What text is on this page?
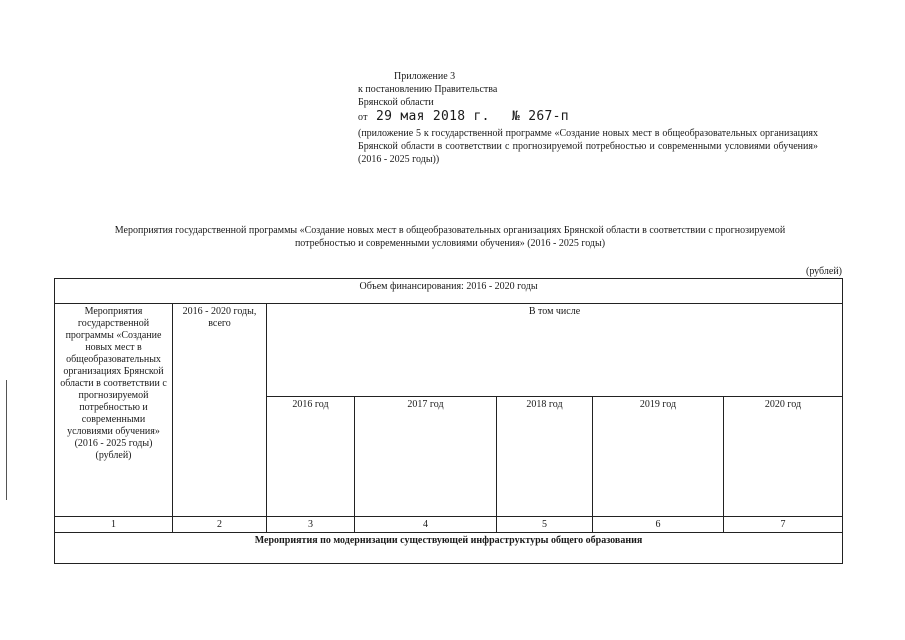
Приложение 3
к постановлению Правительства
Брянской области
от 29 мая 2018 г. № 267-п
(приложение 5 к государственной программе «Создание новых мест в общеобразовательных организациях Брянской области в соответствии с прогнозируемой потребностью и современными условиями обучения» (2016 - 2025 годы))
Мероприятия государственной программы «Создание новых мест в общеобразовательных организациях Брянской области в соответствии с прогнозируемой
потребностью и современными условиями обучения» (2016 - 2025 годы)
(рублей)
Объем финансирования: 2016 - 2020 годы						
Мероприятия государственной программы «Создание новых мест в общеобразовательных организациях Брянской области в соответствии с прогнозируемой потребностью и современными условиями обучения» (2016 - 2025 годы) (рублей)	2016 - 2020 годы, всего	В том числе				
		2016 год	2017 год	2018 год	2019 год	2020 год
1	2	3	4	5	6	7
Мероприятия по модернизации существующей инфраструктуры общего образования						
